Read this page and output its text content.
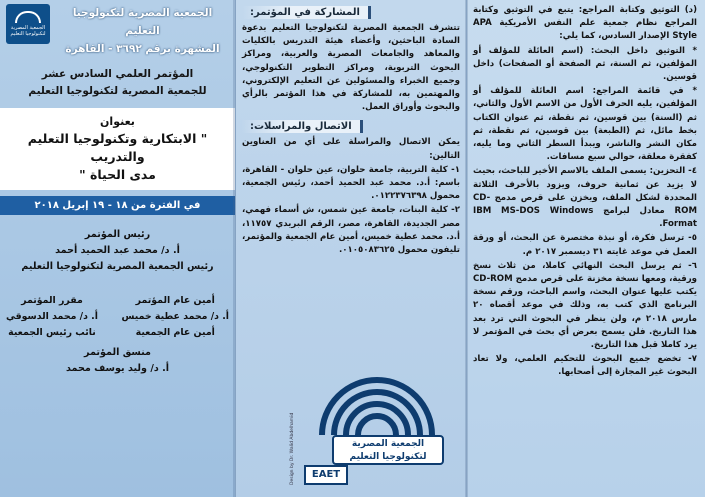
(د) التوثيق وكتابة المراجع: يتبع في التوثيق وكتابة المراجع نظام جمعية علم النفس الأمريكية APA Style الإصدار السادس، كما يلي:

* التوثيق داخل البحث: (اسم العائلة للمؤلف أو المؤلفين، ثم السنة، ثم الصفحة أو الصفحات) داخل قوسين.

* في قائمة المراجع: اسم العائلة للمؤلف أو المؤلفين، يليه الحرف الأول من الاسم الأول والثاني، ثم (السنة) بين قوسين، ثم نقطة، ثم عنوان الكتاب بخط مائل، ثم (الطبعة) بين قوسين، ثم نقطة، ثم مكان النشر والناشر، ويبدأ السطر الثاني وما يليه، كفقرة معلقة، حوالي سبع مسافات.

٤- التحزين: يسمى الملف بالاسم الأخير للباحث، بحيث لا يزيد عن ثمانية حروف، ويزود بالأحرف الثلاثة المحددة لشكل الملف، ويخزن على قرص مدمج CD-ROM معادل لبرامج IBM MS-DOS Windows Format.

٥- ترسل فكرة، أو نبذة مختصرة عن البحث، أو ورقة العمل في موعد غايته ٣١ ديسمبر ٢٠١٧ م.

٦- ثم يرسل البحث النهائي كاملا، من ثلاث نسخ ورقية، ومعها نسخة مخزنة على قرص مدمج CD-ROM يكتب عليها عنوان البحث، واسم الباحث، ورقم نسخة البرنامج الذي كتب به، وذلك في موعد أقصاه ٢٠ مارس ٢٠١٨ م، ولن ينظر في البحوث التي ترد بعد هذا التاريخ. فلن يسمح بعرض أي بحث في المؤتمر لا يرد كاملا قبل هذا التاريخ.

٧- تخضع جميع البحوث للتحكيم العلمي، ولا تعاد البحوث غير المجازة إلى أصحابها.

المشاركة في المؤتمر:

تتشرف الجمعية المصرية لتكنولوجيا التعليم بدعوة السادة الباحثين، وأعضاء هيئة التدريس بالكليات والمعاهد والجامعات المصرية والعربية، ومراكز البحوث التربوية، ومراكز التطوير التكنولوجي، وجميع الخبراء والمسئولين عن التعليم الإلكتروني، والمهتمين به، للمشاركة في هذا المؤتمر بالرأي والبحوث وأوراق العمل.

الاتصال والمراسلات:

يمكن الاتصال والمراسلة على أي من العناوين التالين:

١- كلية التربية، جامعة حلوان، عين حلوان - القاهرة، باسم: أ.د. محمد عبد الحميد أحمد، رئيس الجمعية، محمول ٠١٢٢٣٧٦٣٩٨.

٢- كلية البنات، جامعة عين شمس، ش أسماء فهمي، مصر الجديدة، القاهرة، مصر، الرقم البريدي ١١٧٥٧، أ.د. محمد عطية خميس، أمين عام الجمعية والمؤتمر، تليفون محمول ٠١٠٥٠٨٣٦٢٥.

الجمعية المصرية
لتكنولوجيا التعليم
EAET
Design by Dr. Walid Abdelhamid
الجمعية المصرية لتكنولوجيا التعليم
المشهرة برقم ٣٦٩٢ - القاهرة
الجمعية المصرية لتكنولوجيا التعليم
المؤتمر العلمي السادس عشر
للجمعية المصرية لتكنولوجيا التعليم
بعنوان
" الابتكارية وتكنولوجيا التعليم والتدريب
مدى الحياة "
في الفترة من ١٨ - ١٩ إبريل ٢٠١٨
رئيس المؤتمر
أ. د/ محمد عبد الحميد أحمد
رئيس الجمعية المصرية لتكنولوجيا التعليم
أمين عام المؤتمر
أ. د/ محمد عطية خميس
أمين عام الجمعية
مقرر المؤتمر
أ. د/ محمد الدسوقي
نائب رئيس الجمعية
منسق المؤتمر
أ. د/ وليد يوسف محمد
